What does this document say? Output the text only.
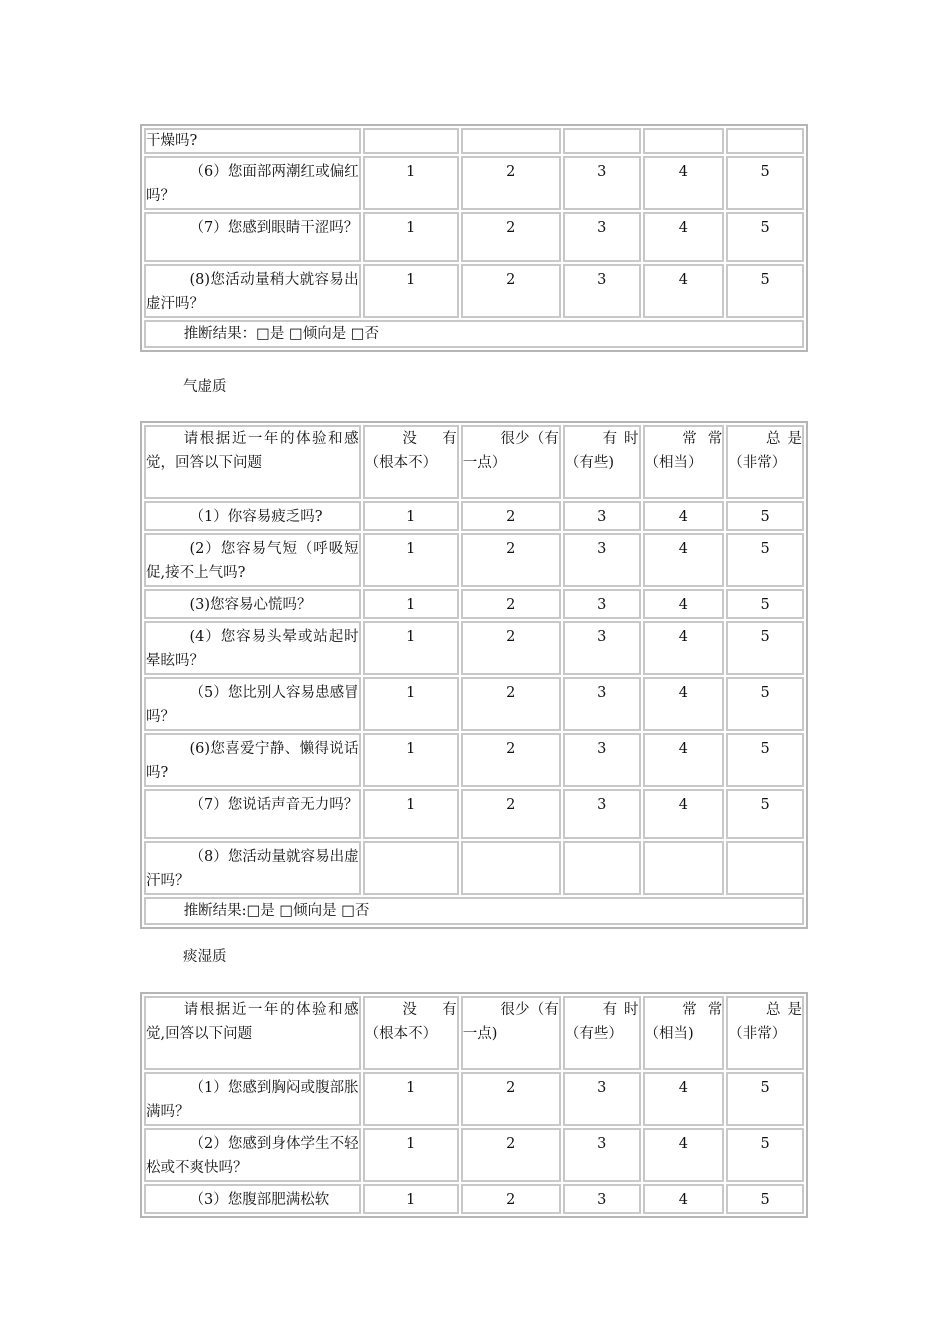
干燥吗?					
（6）您面部两潮红或偏红吗？	1	2	3	4	5
（7）您感到眼睛干涩吗？	1	2	3	4	5
(8)您活动量稍大就容易出虚汗吗？	1	2	3	4	5
推断结果：□是 □倾向是 □否					
气虚质
请根据近一年的体验和感觉，回答以下问题	没有（根本不）	很少（有一点）	有时（有些)	常常（相当）	总是（非常）
（1）你容易疲乏吗?	1	2	3	4	5
(2）您容易气短（呼吸短促,接不上气吗?	1	2	3	4	5
(3)您容易心慌吗？	1	2	3	4	5
(4）您容易头晕或站起时晕眩吗？	1	2	3	4	5
（5）您比别人容易患感冒吗？	1	2	3	4	5
(6)您喜爱宁静、懒得说话吗?	1	2	3	4	5
（7）您说话声音无力吗？	1	2	3	4	5
（8）您活动量就容易出虚汗吗？					
推断结果:□是 □倾向是 □否					
痰湿质
请根据近一年的体验和感觉,回答以下问题	没有（根本不）	很少（有一点)	有时（有些）	常常（相当)	总是（非常）
（1）您感到胸闷或腹部胀满吗？	1	2	3	4	5
（2）您感到身体学生不轻松或不爽快吗？	1	2	3	4	5
（3）您腹部肥满松软	1	2	3	4	5
